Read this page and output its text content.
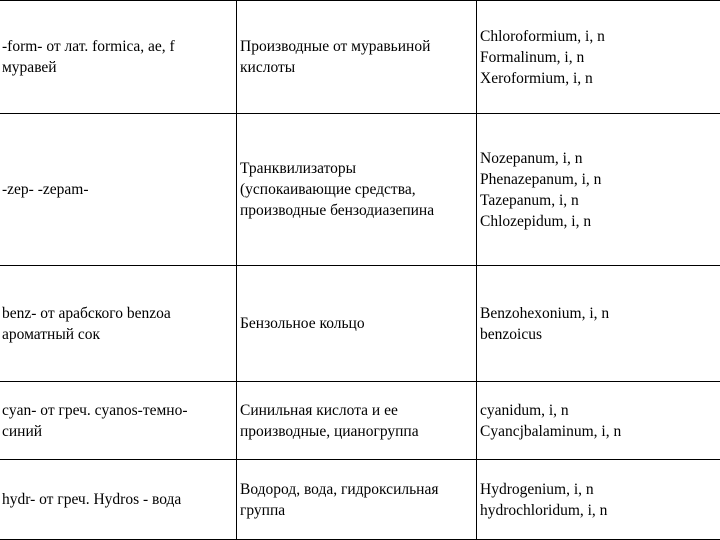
-form- от лат. formica, ae, f
муравей	Производные от муравьиной
кислоты	Chloroformium, i, n
Formalinum, i, n
Xeroformium, i, n

-zep- -zepam-	Транквилизаторы
(успокаивающие средства,
производные бензодиазепина	Nozepanum, i, n
Phenazepanum, i, n
Tazepanum, i, n
Chlozepidum, i, n

benz- от арабского benzoa
ароматный сок	Бензольное кольцо	Benzohexonium, i, n
benzoicus

cyan- от греч. cyanos-темно-
синий	Синильная кислота и ее
производные, цианогруппа	cyanidum, i, n
Cyancjbalaminum, i, n

hydr- от греч. Hydros - вода	Водород, вода, гидроксильная
группа	Hydrogenium, i, n
hydrochloridum, i, n
